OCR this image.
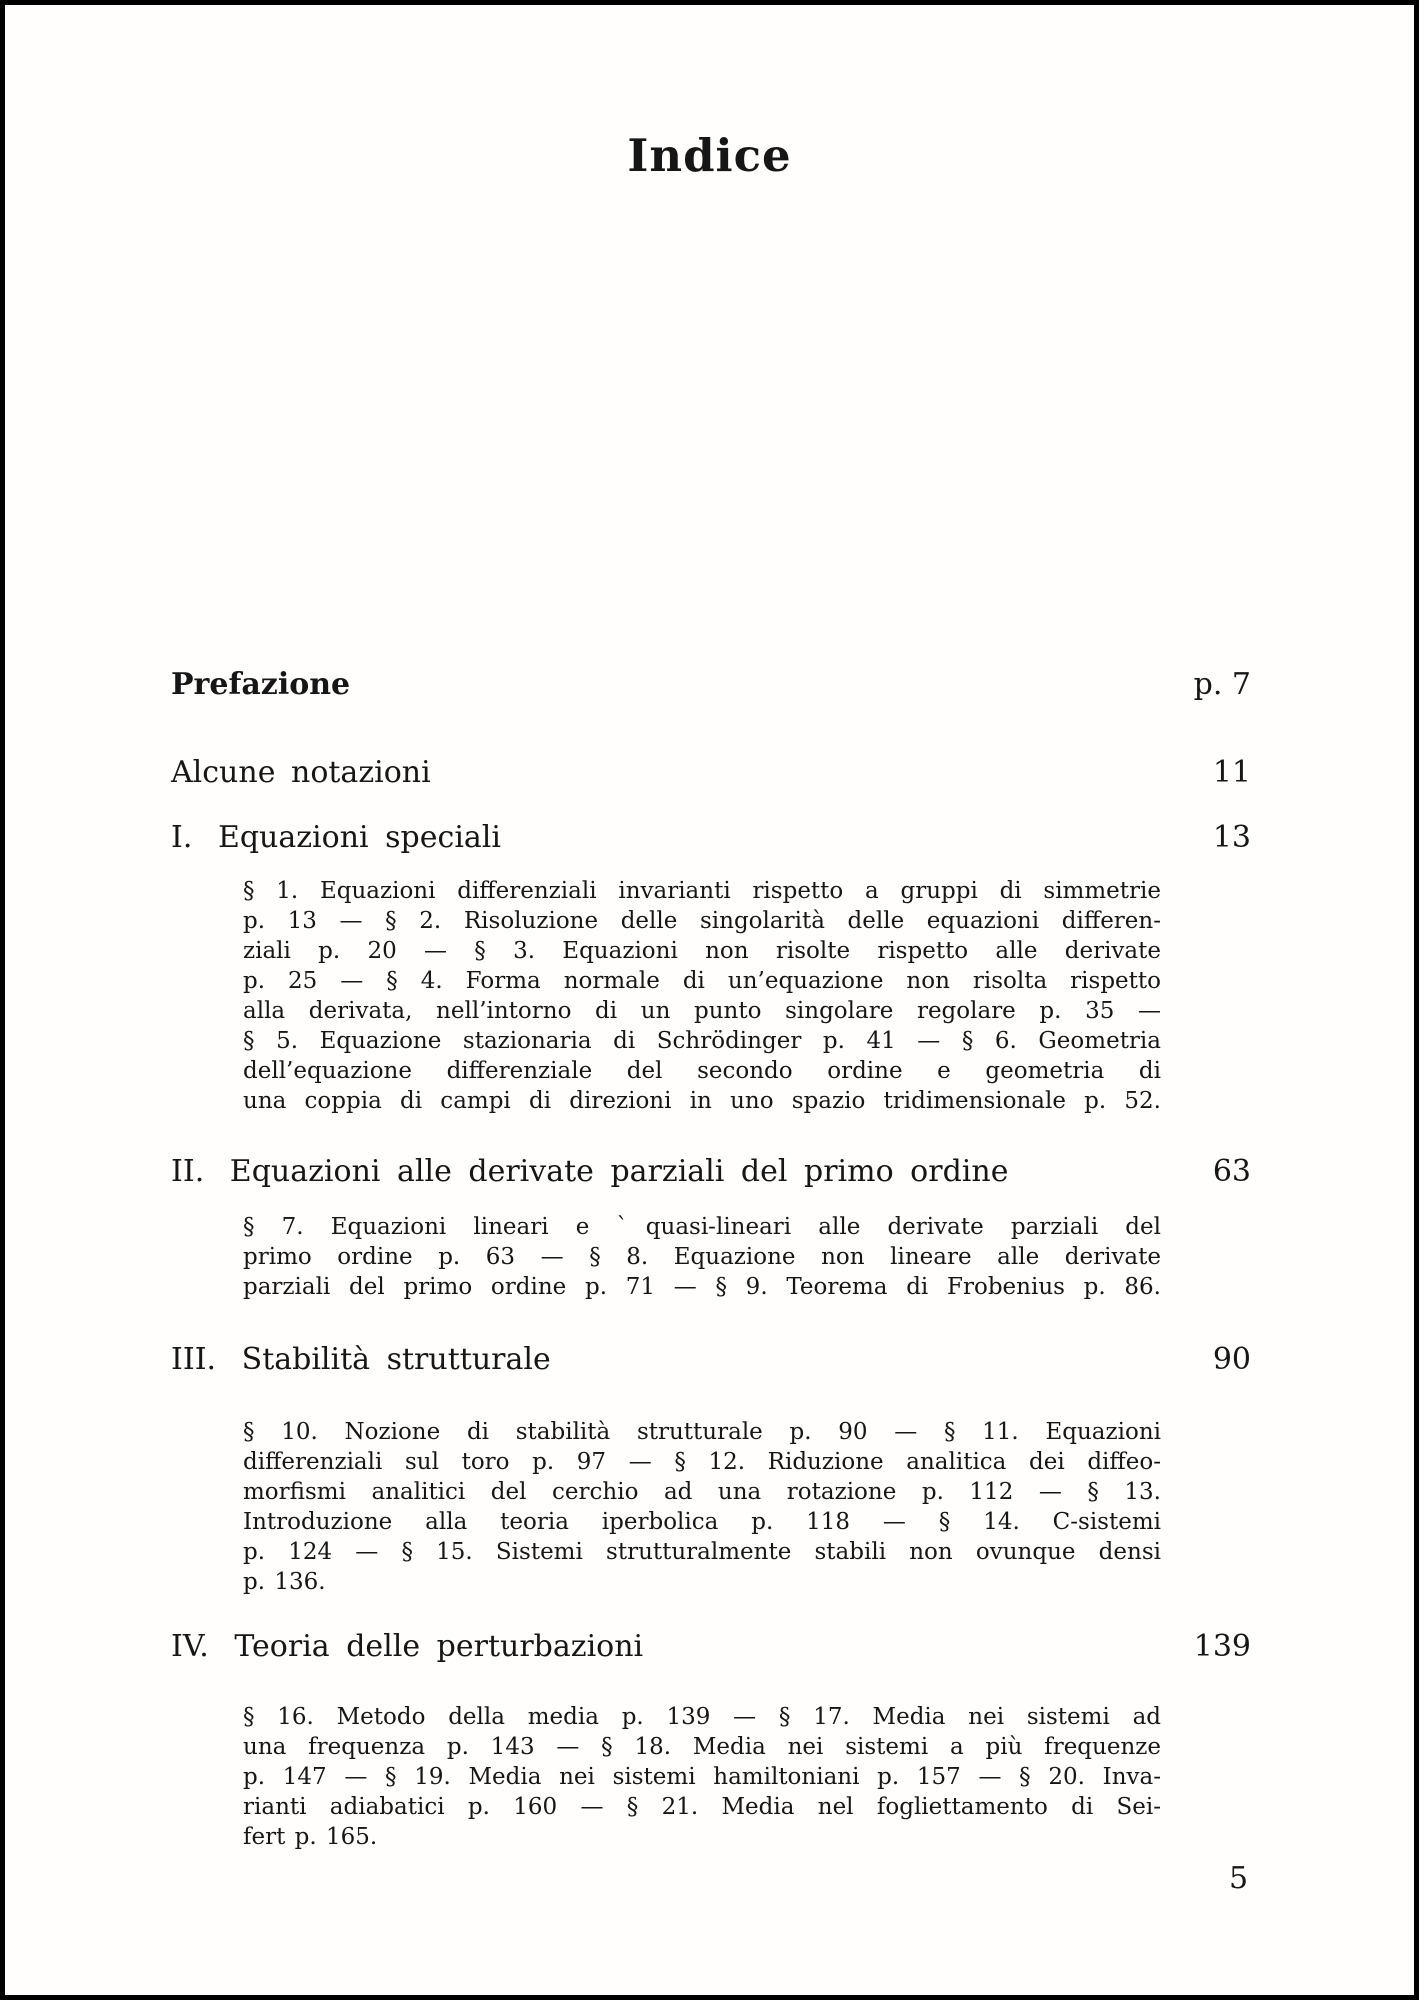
Indice
Prefazione	p. 7
Alcune notazioni	11
I. Equazioni speciali	13
§ 1. Equazioni differenziali invarianti rispetto a gruppi di simmetrie
p. 13 — § 2. Risoluzione delle singolarità delle equazioni differen-
ziali p. 20 — § 3. Equazioni non risolte rispetto alle derivate
p. 25 — § 4. Forma normale di un’equazione non risolta rispetto
alla derivata, nell’intorno di un punto singolare regolare p. 35 —
§ 5. Equazione stazionaria di Schrödinger p. 41 — § 6. Geometria
dell’equazione differenziale del secondo ordine e geometria di
una coppia di campi di direzioni in uno spazio tridimensionale p. 52.
II. Equazioni alle derivate parziali del primo ordine	63
§ 7. Equazioni lineari e ˋquasi-lineari alle derivate parziali del
primo ordine p. 63 — § 8. Equazione non lineare alle derivate
parziali del primo ordine p. 71 — § 9. Teorema di Frobenius p. 86.
III. Stabilità strutturale	90
§ 10. Nozione di stabilità strutturale p. 90 — § 11. Equazioni
differenziali sul toro p. 97 — § 12. Riduzione analitica dei diffeo-
morfismi analitici del cerchio ad una rotazione p. 112 — § 13.
Introduzione alla teoria iperbolica p. 118 — § 14. C-sistemi
p. 124 — § 15. Sistemi strutturalmente stabili non ovunque densi
p. 136.
IV. Teoria delle perturbazioni	139
§ 16. Metodo della media p. 139 — § 17. Media nei sistemi ad
una frequenza p. 143 — § 18. Media nei sistemi a più frequenze
p. 147 — § 19. Media nei sistemi hamiltoniani p. 157 — § 20. Inva-
rianti adiabatici p. 160 — § 21. Media nel fogliettamento di Sei-
fert p. 165.
5
